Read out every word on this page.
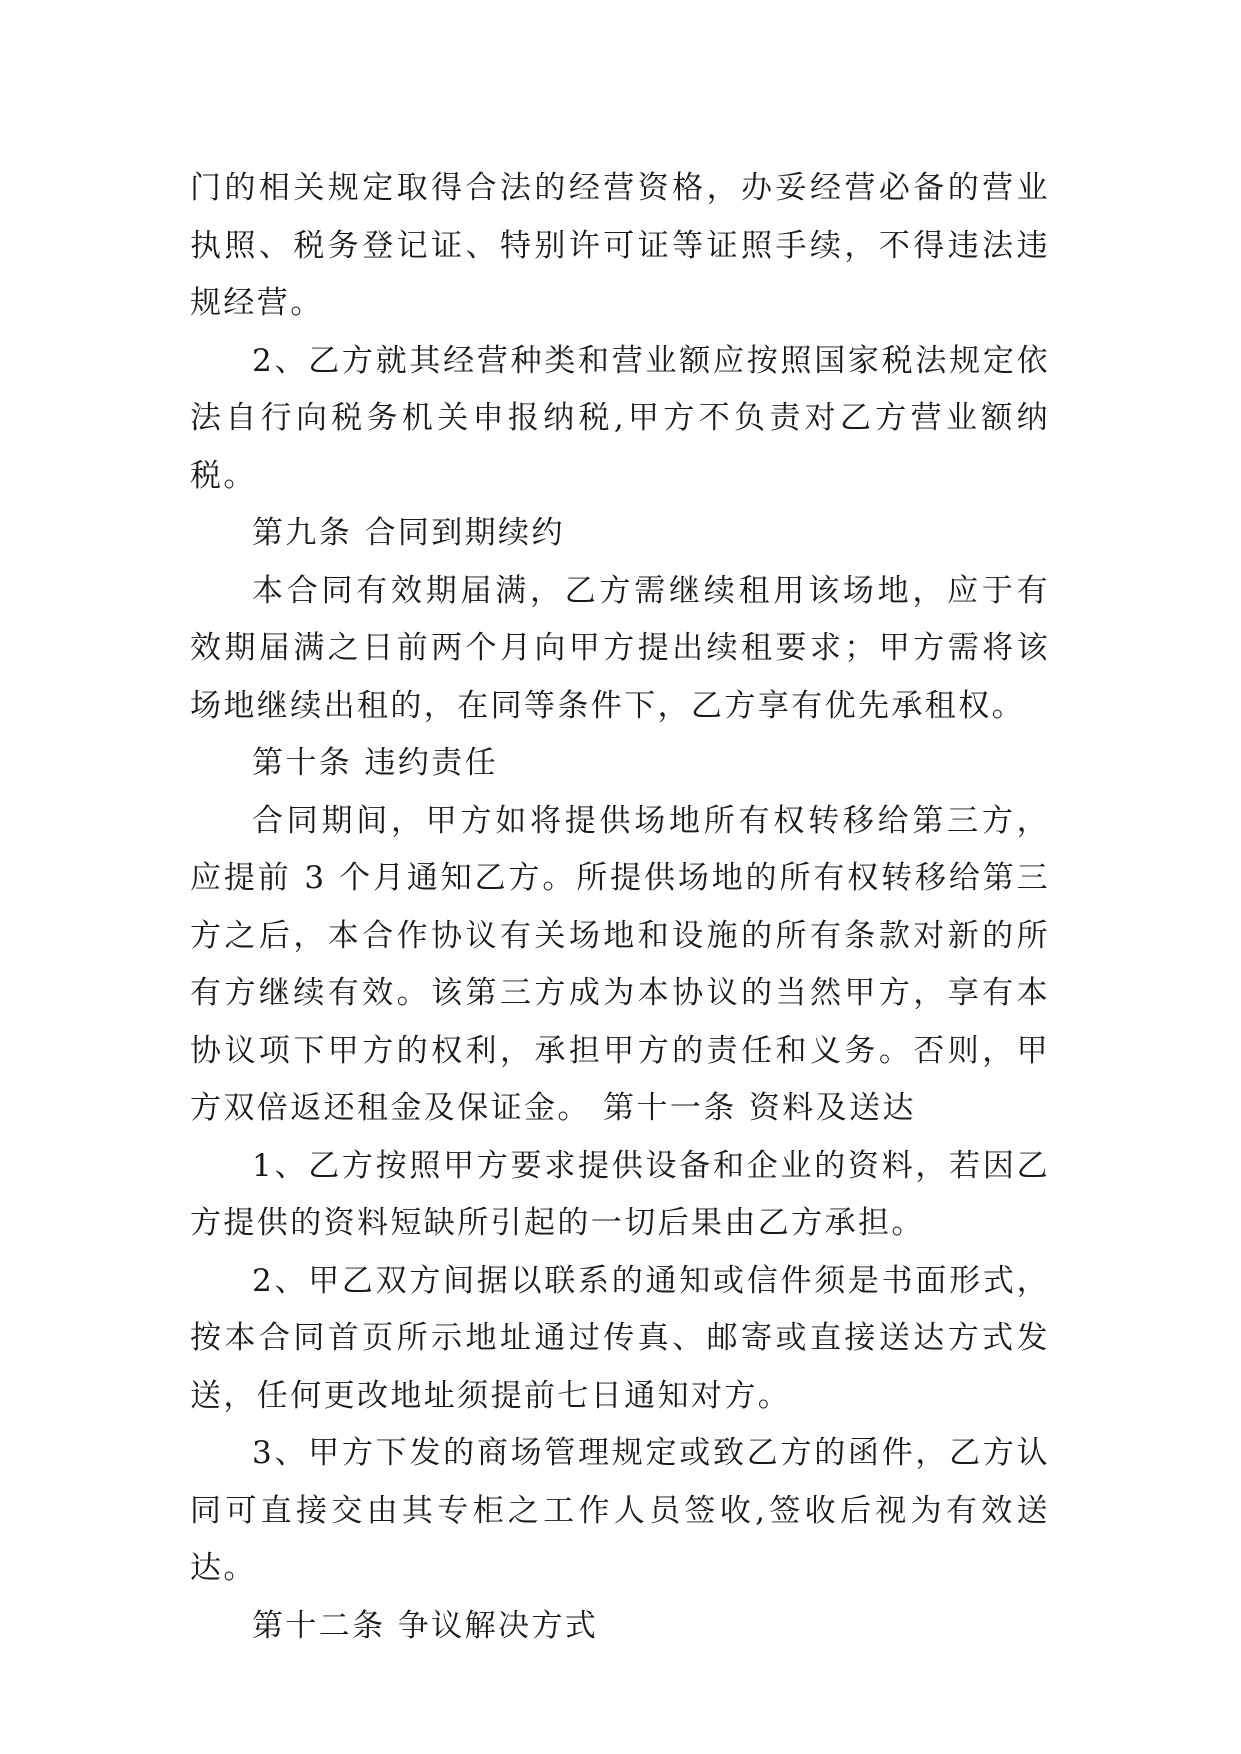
门的相关规定取得合法的经营资格，办妥经营必备的营业执照、税务登记证、特别许可证等证照手续，不得违法违规经营。

2、乙方就其经营种类和营业额应按照国家税法规定依法自行向税务机关申报纳税,甲方不负责对乙方营业额纳税。

第九条 合同到期续约

本合同有效期届满，乙方需继续租用该场地，应于有效期届满之日前两个月向甲方提出续租要求；甲方需将该场地继续出租的，在同等条件下，乙方享有优先承租权。

第十条 违约责任

合同期间，甲方如将提供场地所有权转移给第三方，应提前 3 个月通知乙方。所提供场地的所有权转移给第三方之后，本合作协议有关场地和设施的所有条款对新的所有方继续有效。该第三方成为本协议的当然甲方，享有本协议项下甲方的权利，承担甲方的责任和义务。否则，甲方双倍返还租金及保证金。 第十一条 资料及送达

1、乙方按照甲方要求提供设备和企业的资料，若因乙方提供的资料短缺所引起的一切后果由乙方承担。

2、甲乙双方间据以联系的通知或信件须是书面形式，按本合同首页所示地址通过传真、邮寄或直接送达方式发送，任何更改地址须提前七日通知对方。

3、甲方下发的商场管理规定或致乙方的函件，乙方认同可直接交由其专柜之工作人员签收,签收后视为有效送达。

第十二条 争议解决方式
